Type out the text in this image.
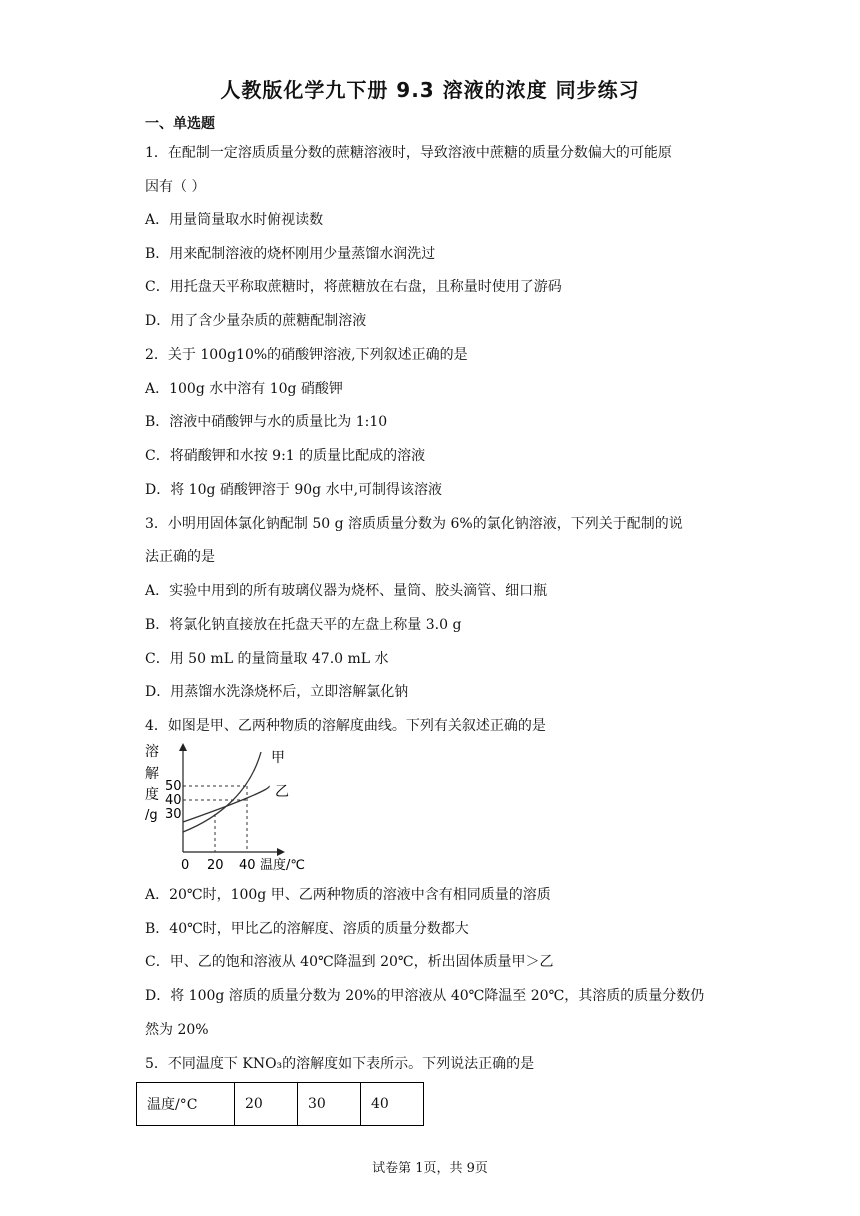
人教版化学九下册 9.3 溶液的浓度 同步练习
一、单选题
1．在配制一定溶质质量分数的蔗糖溶液时，导致溶液中蔗糖的质量分数偏大的可能原
因有（ ）
A．用量筒量取水时俯视读数
B．用来配制溶液的烧杯刚用少量蒸馏水润洗过
C．用托盘天平称取蔗糖时，将蔗糖放在右盘，且称量时使用了游码
D．用了含少量杂质的蔗糖配制溶液
2．关于 100g10%的硝酸钾溶液,下列叙述正确的是
A．100g 水中溶有 10g 硝酸钾
B．溶液中硝酸钾与水的质量比为 1:10
C．将硝酸钾和水按 9:1 的质量比配成的溶液
D．将 10g 硝酸钾溶于 90g 水中,可制得该溶液
3．小明用固体氯化钠配制 50 g 溶质质量分数为 6%的氯化钠溶液，下列关于配制的说
法正确的是
A．实验中用到的所有玻璃仪器为烧杯、量筒、胶头滴管、细口瓶
B．将氯化钠直接放在托盘天平的左盘上称量 3.0 g
C．用 50 mL 的量筒量取 47.0 mL 水
D．用蒸馏水洗涤烧杯后，立即溶解氯化钠
4．如图是甲、乙两种物质的溶解度曲线。下列有关叙述正确的是
溶
解
度
/g
50
40
30
0 20 40 温度/℃
甲
乙
A．20℃时，100g 甲、乙两种物质的溶液中含有相同质量的溶质
B．40℃时，甲比乙的溶解度、溶质的质量分数都大
C．甲、乙的饱和溶液从 40℃降温到 20℃，析出固体质量甲＞乙
D．将 100g 溶质的质量分数为 20%的甲溶液从 40℃降温至 20℃，其溶质的质量分数仍
然为 20%
5．不同温度下 KNO₃的溶解度如下表所示。下列说法正确的是
温度/°C	20	30	40
试卷第 1页，共 9页
